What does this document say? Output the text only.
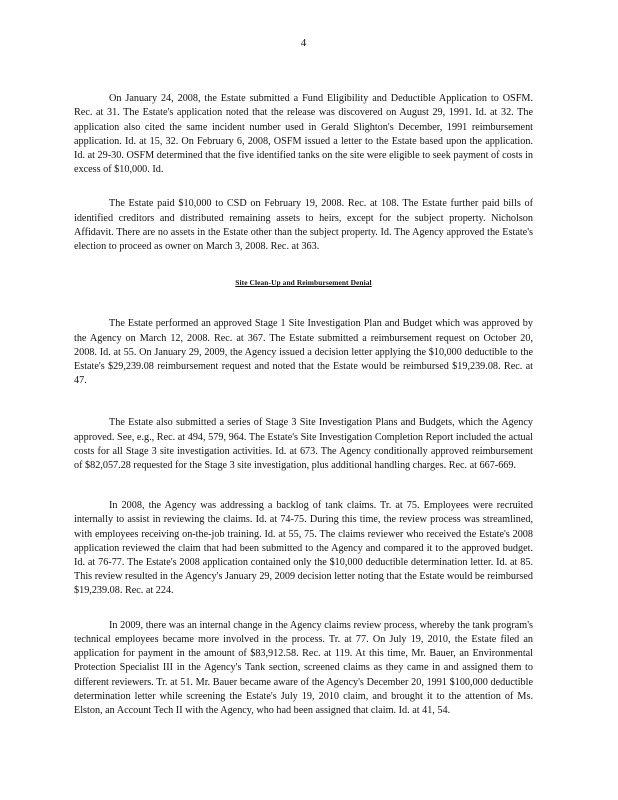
4

On January 24, 2008, the Estate submitted a Fund Eligibility and Deductible Application to OSFM. Rec. at 31. The Estate's application noted that the release was discovered on August 29, 1991. Id. at 32. The application also cited the same incident number used in Gerald Slighton's December, 1991 reimbursement application. Id. at 15, 32. On February 6, 2008, OSFM issued a letter to the Estate based upon the application. Id. at 29-30. OSFM determined that the five identified tanks on the site were eligible to seek payment of costs in excess of $10,000. Id.

The Estate paid $10,000 to CSD on February 19, 2008. Rec. at 108. The Estate further paid bills of identified creditors and distributed remaining assets to heirs, except for the subject property. Nicholson Affidavit. There are no assets in the Estate other than the subject property. Id. The Agency approved the Estate's election to proceed as owner on March 3, 2008. Rec. at 363.

Site Clean-Up and Reimbursement Denial

The Estate performed an approved Stage 1 Site Investigation Plan and Budget which was approved by the Agency on March 12, 2008. Rec. at 367. The Estate submitted a reimbursement request on October 20, 2008. Id. at 55. On January 29, 2009, the Agency issued a decision letter applying the $10,000 deductible to the Estate's $29,239.08 reimbursement request and noted that the Estate would be reimbursed $19,239.08. Rec. at 47.

The Estate also submitted a series of Stage 3 Site Investigation Plans and Budgets, which the Agency approved. See, e.g., Rec. at 494, 579, 964. The Estate's Site Investigation Completion Report included the actual costs for all Stage 3 site investigation activities. Id. at 673. The Agency conditionally approved reimbursement of $82,057.28 requested for the Stage 3 site investigation, plus additional handling charges. Rec. at 667-669.

In 2008, the Agency was addressing a backlog of tank claims. Tr. at 75. Employees were recruited internally to assist in reviewing the claims. Id. at 74-75. During this time, the review process was streamlined, with employees receiving on-the-job training. Id. at 55, 75. The claims reviewer who received the Estate's 2008 application reviewed the claim that had been submitted to the Agency and compared it to the approved budget. Id. at 76-77. The Estate's 2008 application contained only the $10,000 deductible determination letter. Id. at 85. This review resulted in the Agency's January 29, 2009 decision letter noting that the Estate would be reimbursed $19,239.08. Rec. at 224.

In 2009, there was an internal change in the Agency claims review process, whereby the tank program's technical employees became more involved in the process. Tr. at 77. On July 19, 2010, the Estate filed an application for payment in the amount of $83,912.58. Rec. at 119. At this time, Mr. Bauer, an Environmental Protection Specialist III in the Agency's Tank section, screened claims as they came in and assigned them to different reviewers. Tr. at 51. Mr. Bauer became aware of the Agency's December 20, 1991 $100,000 deductible determination letter while screening the Estate's July 19, 2010 claim, and brought it to the attention of Ms. Elston, an Account Tech II with the Agency, who had been assigned that claim. Id. at 41, 54.
